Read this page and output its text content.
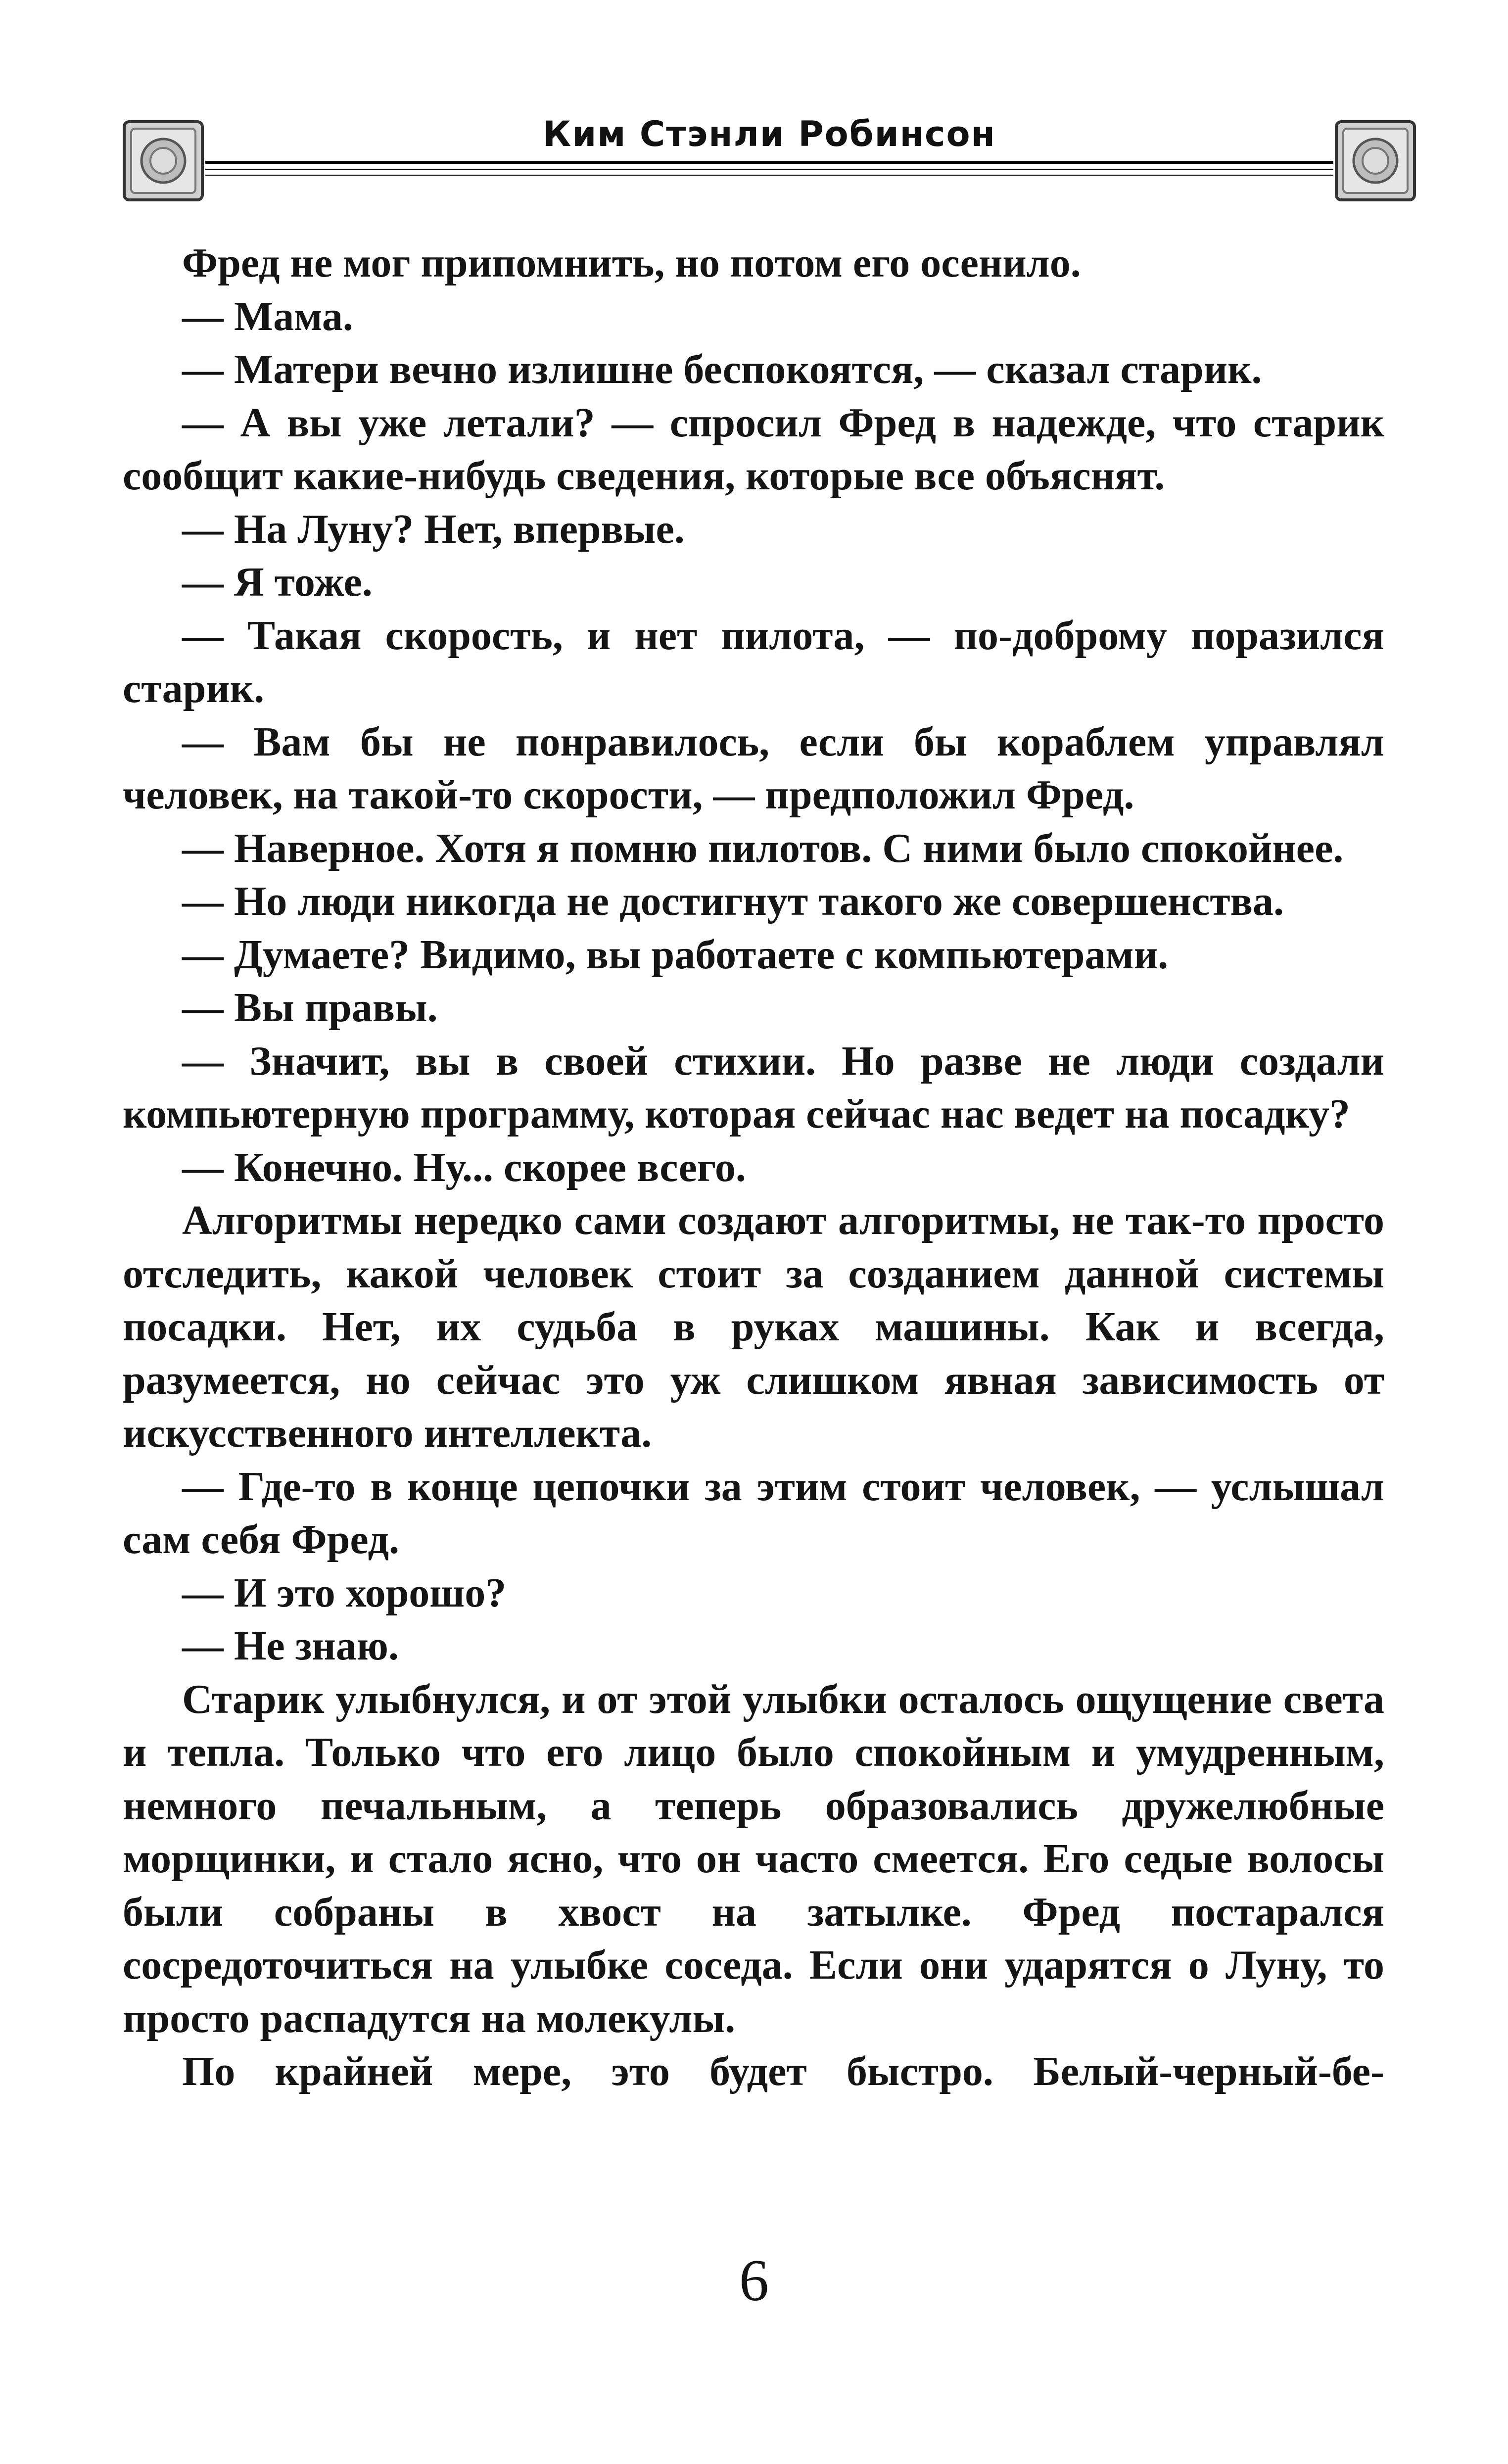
Ким Стэнли Робинсон

Фред не мог припомнить, но потом его осенило.

— Мама.

— Матери вечно излишне беспокоятся, — сказал старик.

— А вы уже летали? — спросил Фред в надежде, что старик сообщит какие-нибудь сведения, которые все объяснят.

— На Луну? Нет, впервые.

— Я тоже.

— Такая скорость, и нет пилота, — по-доброму поразился старик.

— Вам бы не понравилось, если бы кораблем управлял человек, на такой-то скорости, — предположил Фред.

— Наверное. Хотя я помню пилотов. С ними было спокойнее.

— Но люди никогда не достигнут такого же совершенства.

— Думаете? Видимо, вы работаете с компьютерами.

— Вы правы.

— Значит, вы в своей стихии. Но разве не люди создали компьютерную программу, которая сейчас нас ведет на посадку?

— Конечно. Ну... скорее всего.

Алгоритмы нередко сами создают алгоритмы, не так-то просто отследить, какой человек стоит за созданием данной системы посадки. Нет, их судьба в руках машины. Как и всегда, разумеется, но сейчас это уж слишком явная зависимость от искусственного интеллекта.

— Где-то в конце цепочки за этим стоит человек, — услышал сам себя Фред.

— И это хорошо?

— Не знаю.

Старик улыбнулся, и от этой улыбки осталось ощущение света и тепла. Только что его лицо было спокойным и умудренным, немного печальным, а теперь образовались дружелюбные морщинки, и стало ясно, что он часто смеется. Его седые волосы были собраны в хвост на затылке. Фред постарался сосредоточиться на улыбке соседа. Если они ударятся о Луну, то просто распадутся на молекулы.

По крайней мере, это будет быстро. Белый-черный-бе-

6
